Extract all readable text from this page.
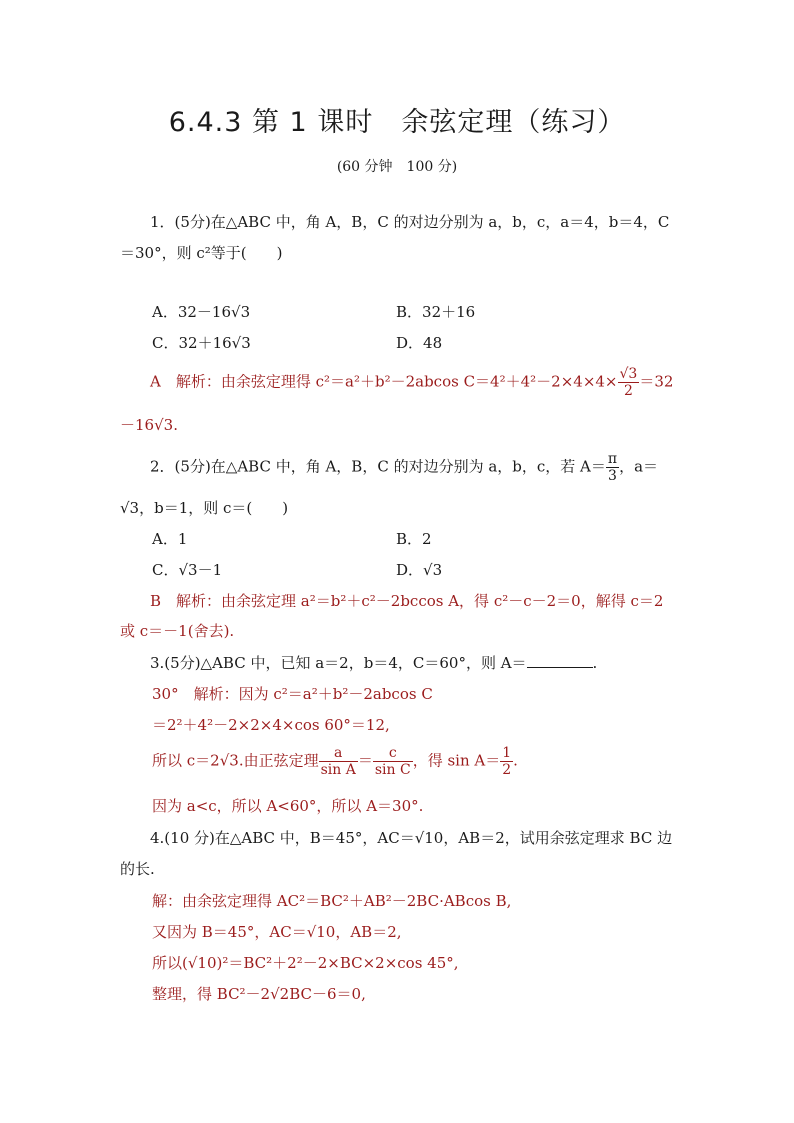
6.4.3 第 1 课时　余弦定理（练习）
(60 分钟　100 分)
1．(5分)在△ABC 中，角 A，B，C 的对边分别为 a，b，c，a＝4，b＝4，C
＝30°，则 c²等于(　　)
A．32－16√3	B．32＋16
C．32＋16√3	D．48
A　解析：由余弦定理得 c²＝a²＋b²－2abcos $C=4^2+4^2-2\times 4\times 4\times \frac{√3}{2} =32$
－16√3.
2．(5分)在△ABC 中，角 A，B，C 的对边分别为 a，b，c，若 $A= \frac{\pi}{3}$ ，a＝
√3，b＝1，则 c＝(　　)
A．1	B．2
C．√3－1	D．√3
B　解析：由余弦定理 a²＝b²＋c²－2bccos A，得 c²－c－2＝0，解得 c＝2
或 c＝－1(舍去).
3.(5分)△ABC 中，已知 a＝2，b＝4，C＝60°，则 A＝	.
30°　解析：因为 c²＝a²＋b²－2abcos C
＝2²＋4²－2×2×4×cos 60°＝12,
所以 c＝2√3.由正弦定理 $\frac{a}{\text{sin A}} = \frac{c}{\text{sin C}}$ ，得 $\sin A= \frac{1}{2}$ .
因为 a<c，所以 A<60°，所以 A＝30°.
4.(10 分)在△ABC 中，B＝45°，AC＝√10，AB＝2，试用余弦定理求 BC 边
的长.
解：由余弦定理得 AC²＝BC²＋AB²－2BC·ABcos B,
又因为 B＝45°，AC＝√10，AB＝2,
所以(√10)²＝BC²＋2²－2×BC×2×cos 45°,
整理，得 BC²－2√2BC－6＝0,
